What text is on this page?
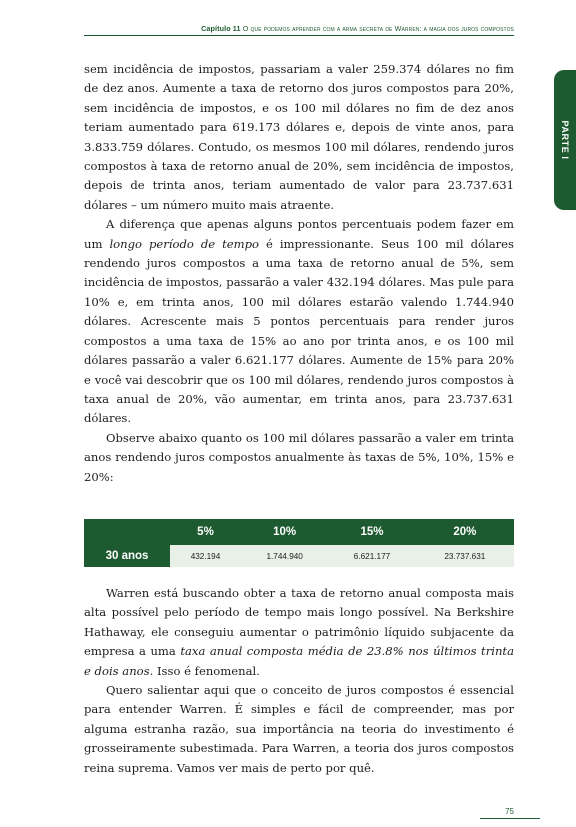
Capítulo 11 O que podemos aprender com a arma secreta de Warren: a magia dos juros compostos
PARTE I

sem incidência de impostos, passariam a valer 259.374 dólares no fim de dez anos. Aumente a taxa de retorno dos juros compostos para 20%, sem incidência de impostos, e os 100 mil dólares no fim de dez anos teriam aumentado para 619.173 dólares e, depois de vinte anos, para 3.833.759 dólares. Contudo, os mesmos 100 mil dólares, rendendo juros compostos à taxa de retorno anual de 20%, sem incidência de impostos, depois de trinta anos, teriam aumentado de valor para 23.737.631 dólares – um número muito mais atraente.

A diferença que apenas alguns pontos percentuais podem fazer em um longo período de tempo é impressionante. Seus 100 mil dólares rendendo juros compostos a uma taxa de retorno anual de 5%, sem incidência de impostos, passarão a valer 432.194 dólares. Mas pule para 10% e, em trinta anos, 100 mil dólares estarão valendo 1.744.940 dólares. Acrescente mais 5 pontos percentuais para render juros compostos a uma taxa de 15% ao ano por trinta anos, e os 100 mil dólares passarão a valer 6.621.177 dólares. Aumente de 15% para 20% e você vai descobrir que os 100 mil dólares, rendendo juros compostos à taxa anual de 20%, vão aumentar, em trinta anos, para 23.737.631 dólares.

Observe abaixo quanto os 100 mil dólares passarão a valer em trinta anos rendendo juros compostos anualmente às taxas de 5%, 10%, 15% e 20%:

	5%	10%	15%	20%
30 anos	432.194	1.744.940	6.621.177	23.737.631

Warren está buscando obter a taxa de retorno anual composta mais alta possível pelo período de tempo mais longo possível. Na Berkshire Hathaway, ele conseguiu aumentar o patrimônio líquido subjacente da empresa a uma taxa anual composta média de 23.8% nos últimos trinta e dois anos. Isso é fenomenal.

Quero salientar aqui que o conceito de juros compostos é essencial para entender Warren. É simples e fácil de compreender, mas por alguma estranha razão, sua importância na teoria do investimento é grosseiramente subestimada. Para Warren, a teoria dos juros compostos reina suprema. Vamos ver mais de perto por quê.

75
